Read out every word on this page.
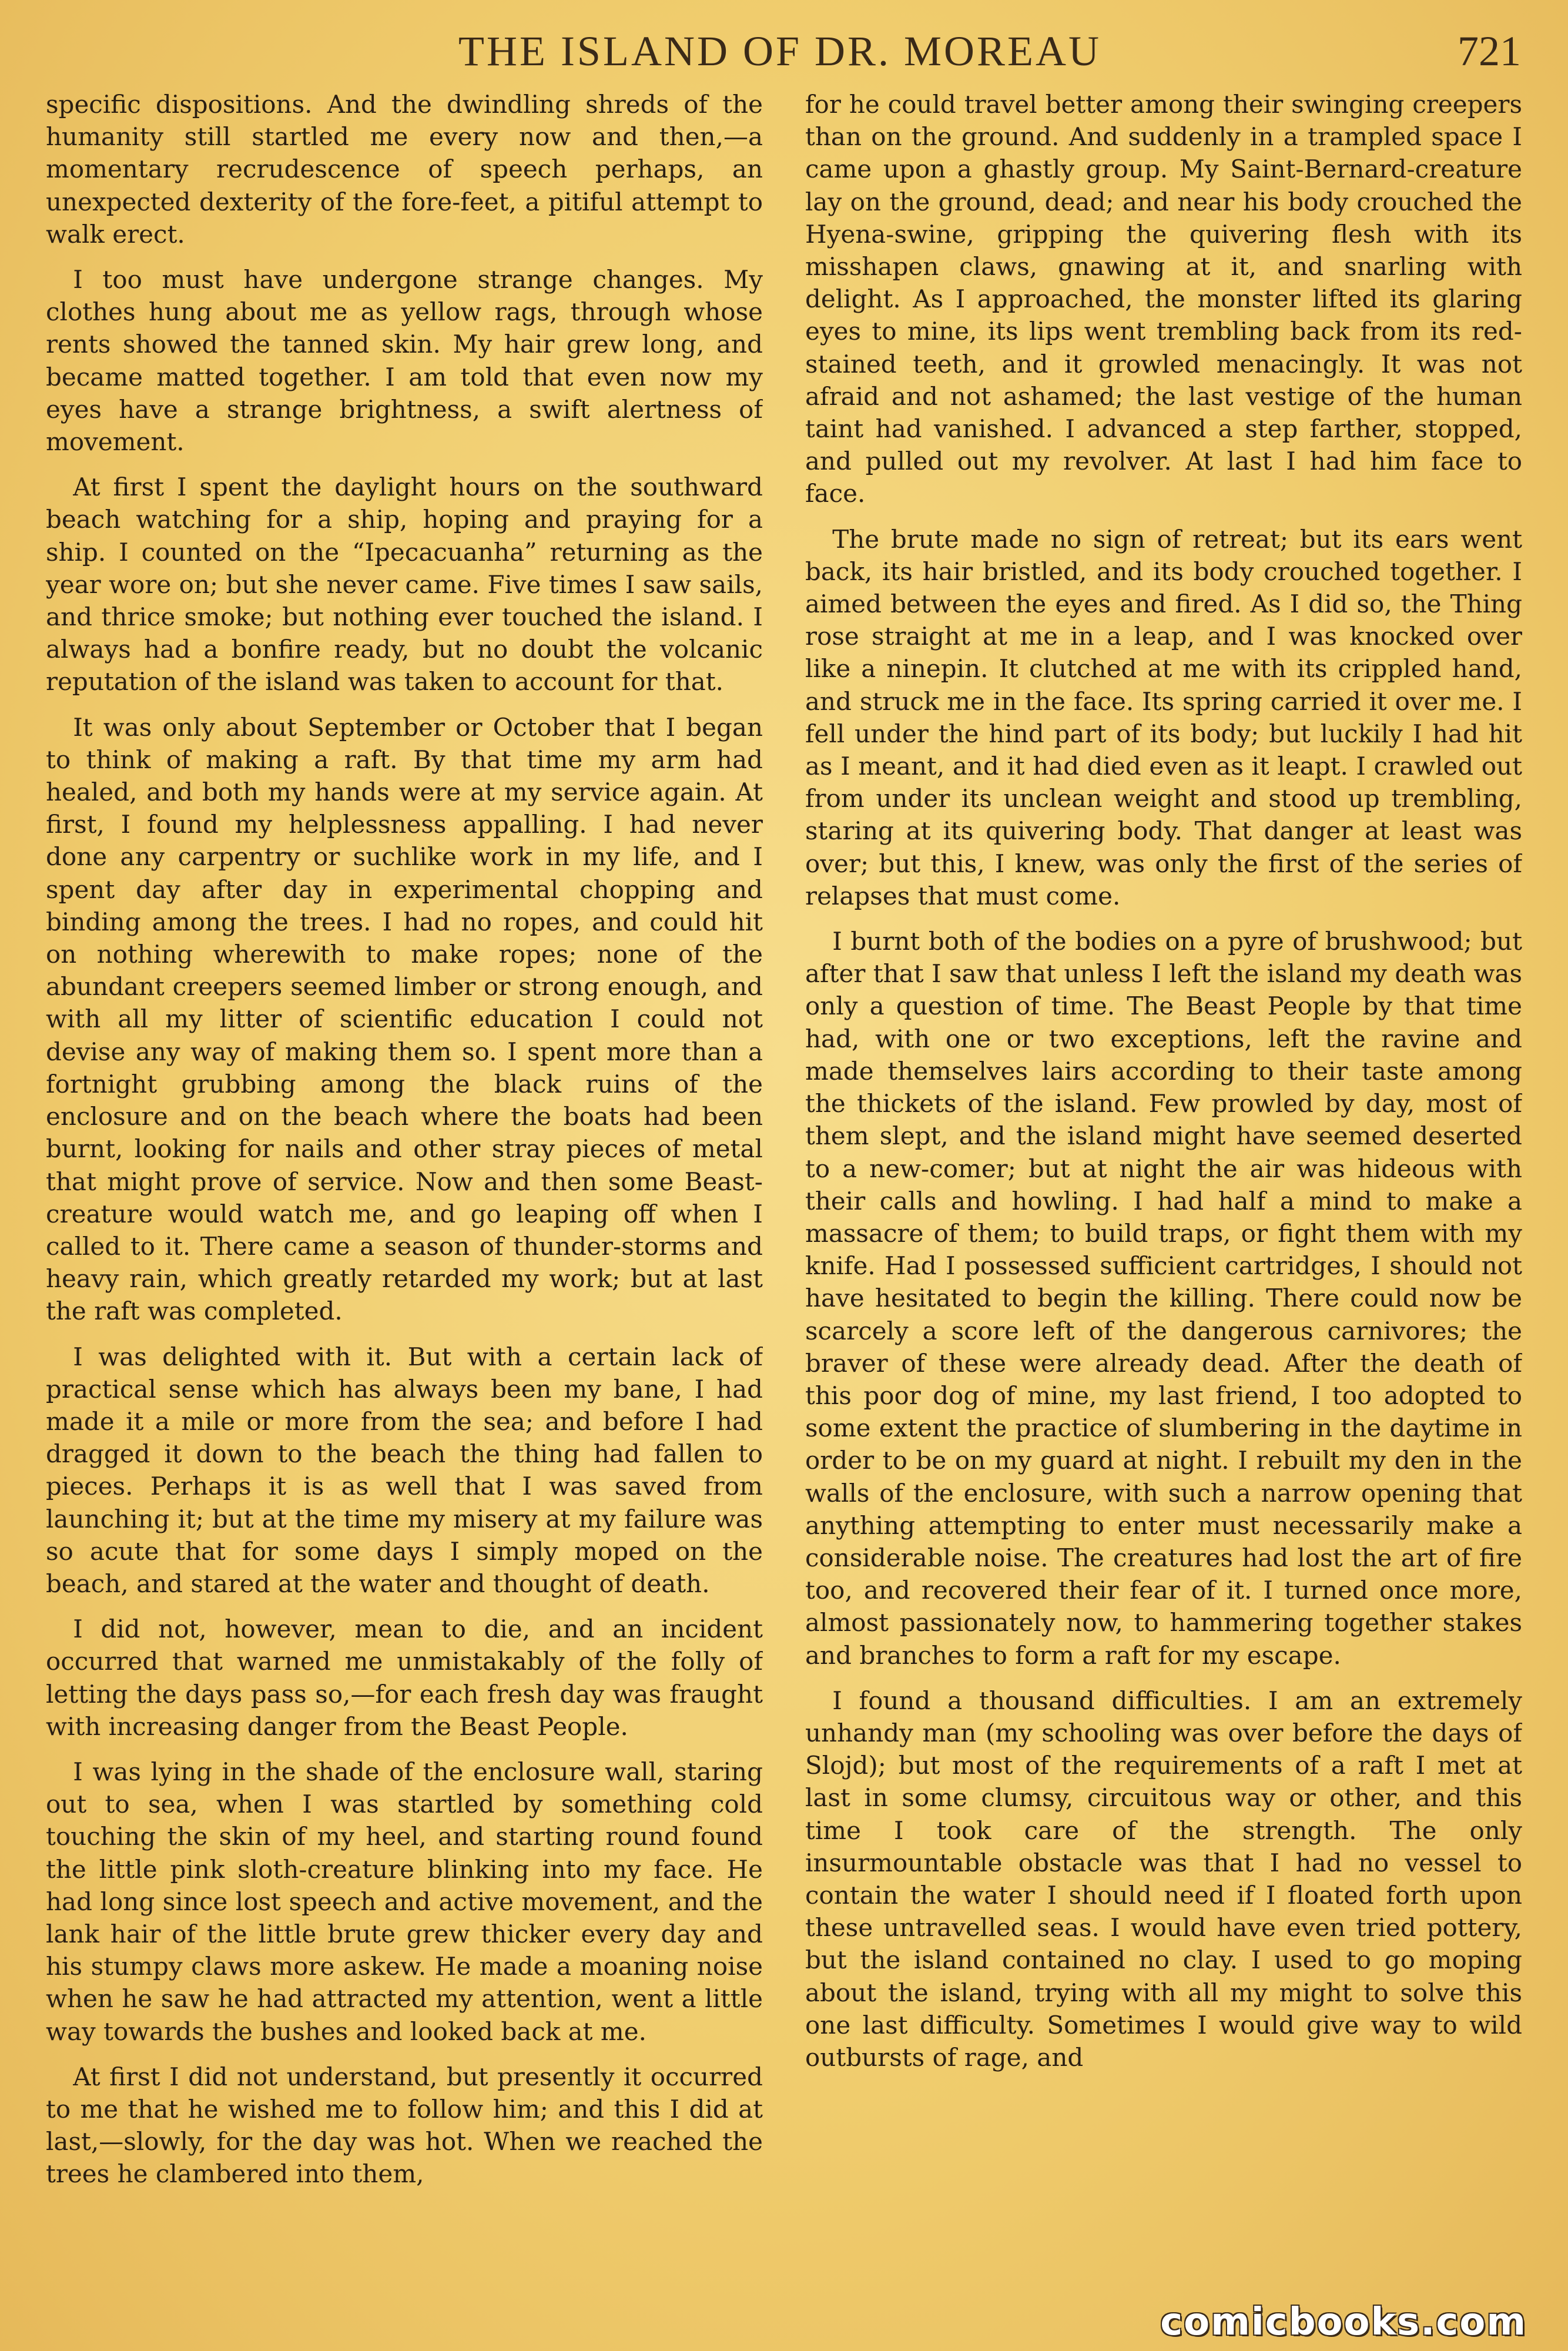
THE ISLAND OF DR. MOREAU	721

specific dispositions. And the dwindling shreds of the humanity still startled me every now and then,—a momentary recrudescence of speech perhaps, an unexpected dexterity of the fore-feet, a pitiful attempt to walk erect.

I too must have undergone strange changes. My clothes hung about me as yellow rags, through whose rents showed the tanned skin. My hair grew long, and became matted together. I am told that even now my eyes have a strange brightness, a swift alertness of movement.

At first I spent the daylight hours on the southward beach watching for a ship, hoping and praying for a ship. I counted on the “Ipecacuanha” returning as the year wore on; but she never came. Five times I saw sails, and thrice smoke; but nothing ever touched the island. I always had a bonfire ready, but no doubt the volcanic reputation of the island was taken to account for that.

It was only about September or October that I began to think of making a raft. By that time my arm had healed, and both my hands were at my service again. At first, I found my helplessness appalling. I had never done any carpentry or suchlike work in my life, and I spent day after day in experimental chopping and binding among the trees. I had no ropes, and could hit on nothing wherewith to make ropes; none of the abundant creepers seemed limber or strong enough, and with all my litter of scientific education I could not devise any way of making them so. I spent more than a fortnight grubbing among the black ruins of the enclosure and on the beach where the boats had been burnt, looking for nails and other stray pieces of metal that might prove of service. Now and then some Beast-creature would watch me, and go leaping off when I called to it. There came a season of thunder-storms and heavy rain, which greatly retarded my work; but at last the raft was completed.

I was delighted with it. But with a certain lack of practical sense which has always been my bane, I had made it a mile or more from the sea; and before I had dragged it down to the beach the thing had fallen to pieces. Perhaps it is as well that I was saved from launching it; but at the time my misery at my failure was so acute that for some days I simply moped on the beach, and stared at the water and thought of death.

I did not, however, mean to die, and an incident occurred that warned me unmistakably of the folly of letting the days pass so,—for each fresh day was fraught with increasing danger from the Beast People.

I was lying in the shade of the enclosure wall, staring out to sea, when I was startled by something cold touching the skin of my heel, and starting round found the little pink sloth-creature blinking into my face. He had long since lost speech and active movement, and the lank hair of the little brute grew thicker every day and his stumpy claws more askew. He made a moaning noise when he saw he had attracted my attention, went a little way towards the bushes and looked back at me.

At first I did not understand, but presently it occurred to me that he wished me to follow him; and this I did at last,—slowly, for the day was hot. When we reached the trees he clambered into them,

for he could travel better among their swinging creepers than on the ground. And suddenly in a trampled space I came upon a ghastly group. My Saint-Bernard-creature lay on the ground, dead; and near his body crouched the Hyena-swine, gripping the quivering flesh with its misshapen claws, gnawing at it, and snarling with delight. As I approached, the monster lifted its glaring eyes to mine, its lips went trembling back from its red-stained teeth, and it growled menacingly. It was not afraid and not ashamed; the last vestige of the human taint had vanished. I advanced a step farther, stopped, and pulled out my revolver. At last I had him face to face.

The brute made no sign of retreat; but its ears went back, its hair bristled, and its body crouched together. I aimed between the eyes and fired. As I did so, the Thing rose straight at me in a leap, and I was knocked over like a ninepin. It clutched at me with its crippled hand, and struck me in the face. Its spring carried it over me. I fell under the hind part of its body; but luckily I had hit as I meant, and it had died even as it leapt. I crawled out from under its unclean weight and stood up trembling, staring at its quivering body. That danger at least was over; but this, I knew, was only the first of the series of relapses that must come.

I burnt both of the bodies on a pyre of brushwood; but after that I saw that unless I left the island my death was only a question of time. The Beast People by that time had, with one or two exceptions, left the ravine and made themselves lairs according to their taste among the thickets of the island. Few prowled by day, most of them slept, and the island might have seemed deserted to a new-comer; but at night the air was hideous with their calls and howling. I had half a mind to make a massacre of them; to build traps, or fight them with my knife. Had I possessed sufficient cartridges, I should not have hesitated to begin the killing. There could now be scarcely a score left of the dangerous carnivores; the braver of these were already dead. After the death of this poor dog of mine, my last friend, I too adopted to some extent the practice of slumbering in the daytime in order to be on my guard at night. I rebuilt my den in the walls of the enclosure, with such a narrow opening that anything attempting to enter must necessarily make a considerable noise. The creatures had lost the art of fire too, and recovered their fear of it. I turned once more, almost passionately now, to hammering together stakes and branches to form a raft for my escape.

I found a thousand difficulties. I am an extremely unhandy man (my schooling was over before the days of Slojd); but most of the requirements of a raft I met at last in some clumsy, circuitous way or other, and this time I took care of the strength. The only insurmountable obstacle was that I had no vessel to contain the water I should need if I floated forth upon these untravelled seas. I would have even tried pottery, but the island contained no clay. I used to go moping about the island, trying with all my might to solve this one last difficulty. Sometimes I would give way to wild outbursts of rage, and

comicbooks.com
